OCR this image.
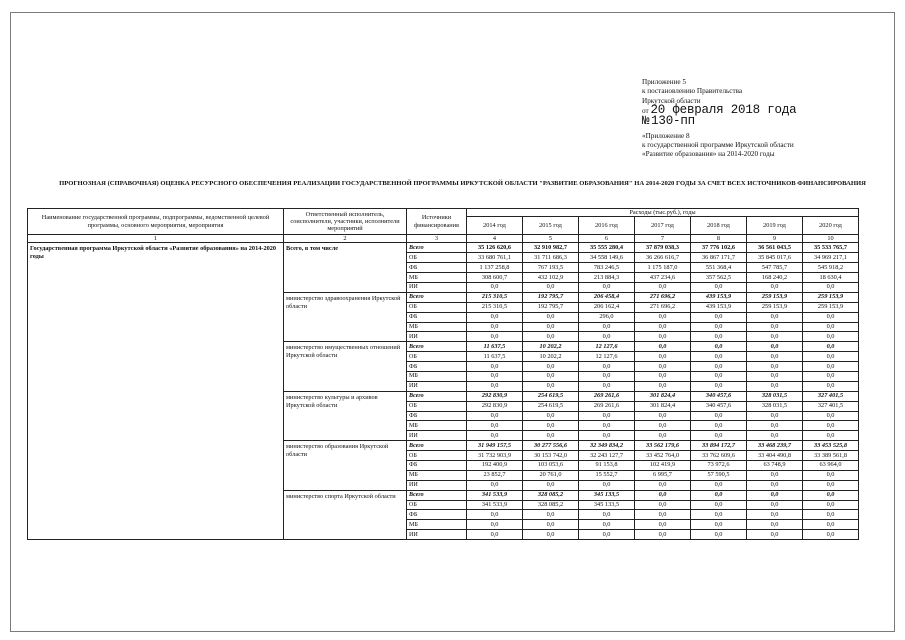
Приложение 5
к постановлению Правительства
Иркутской области
от 20 февраля 2018 года
№ 130-пп
«Приложение 8
к государственной программе Иркутской области
«Развитие образования» на 2014-2020 годы
ПРОГНОЗНАЯ (СПРАВОЧНАЯ) ОЦЕНКА РЕСУРСНОГО ОБЕСПЕЧЕНИЯ РЕАЛИЗАЦИИ ГОСУДАРСТВЕННОЙ ПРОГРАММЫ ИРКУТСКОЙ ОБЛАСТИ "РАЗВИТИЕ ОБРАЗОВАНИЯ" НА 2014-2020 ГОДЫ ЗА СЧЕТ ВСЕХ ИСТОЧНИКОВ ФИНАНСИРОВАНИЯ
Наименование государственной программы, подпрограммы, ведомственной целевой программы, основного мероприятия, мероприятия	Ответственный исполнитель, соисполнители, участники, исполнители мероприятий	Источники финансирования	Расходы (тыс.руб.), годы						
			2014 год	2015 год	2016 год	2017 год	2018 год	2019 год	2020 год
1	2	3	4	5	6	7	8	9	10
Государственная программа Иркутской области «Развитие образования» на 2014-2020 годы	Всего, в том числе	Всего	35 126 620,6	32 910 982,7	35 555 280,4	37 879 038,3	37 776 102,6	36 561 043,5	35 533 765,7
		ОБ	33 680 761,1	31 711 686,3	34 558 149,6	36 266 616,7	36 867 171,7	35 845 017,6	34 969 217,1
		ФБ	1 137 258,8	767 193,5	783 246,5	1 175 187,0	551 368,4	547 785,7	545 918,2
		МБ	308 600,7	432 102,9	213 884,3	437 234,6	357 562,5	168 240,2	18 630,4
		ИИ	0,0	0,0	0,0	0,0	0,0	0,0	0,0
	министерство здравоохранения Иркутской области	Всего	215 310,5	192 795,7	206 458,4	271 696,2	439 153,9	259 153,9	259 153,9
		ОБ	215 310,5	192 795,7	206 162,4	271 696,2	439 153,9	259 153,9	259 153,9
		ФБ	0,0	0,0	296,0	0,0	0,0	0,0	0,0
		МБ	0,0	0,0	0,0	0,0	0,0	0,0	0,0
		ИИ	0,0	0,0	0,0	0,0	0,0	0,0	0,0
	министерство имущественных отношений Иркутской области	Всего	11 637,5	10 202,2	12 127,6	0,0	0,0	0,0	0,0
		ОБ	11 637,5	10 202,2	12 127,6	0,0	0,0	0,0	0,0
		ФБ	0,0	0,0	0,0	0,0	0,0	0,0	0,0
		МБ	0,0	0,0	0,0	0,0	0,0	0,0	0,0
		ИИ	0,0	0,0	0,0	0,0	0,0	0,0	0,0
	министерство культуры и архивов Иркутской области	Всего	292 830,9	254 619,5	269 261,6	301 824,4	340 457,6	328 031,5	327 401,5
		ОБ	292 830,9	254 619,5	269 261,6	301 824,4	340 457,6	328 031,5	327 401,5
		ФБ	0,0	0,0	0,0	0,0	0,0	0,0	0,0
		МБ	0,0	0,0	0,0	0,0	0,0	0,0	0,0
		ИИ	0,0	0,0	0,0	0,0	0,0	0,0	0,0
	министерство образования Иркутской области	Всего	31 949 157,5	30 277 556,6	32 349 834,2	33 562 179,6	33 894 172,7	33 468 239,7	33 453 525,8
		ОБ	31 732 903,9	30 153 742,0	32 243 127,7	33 452 764,0	33 762 609,6	33 404 490,8	33 389 561,8
		ФБ	192 400,9	103 053,6	91 153,8	102 419,9	73 972,6	63 748,9	63 964,0
		МБ	23 852,7	20 761,0	15 552,7	6 995,7	57 590,5	0,0	0,0
		ИИ	0,0	0,0	0,0	0,0	0,0	0,0	0,0
	министерство спорта Иркутской области	Всего	341 533,9	328 085,2	345 133,5	0,0	0,0	0,0	0,0
		ОБ	341 533,9	328 085,2	345 133,5	0,0	0,0	0,0	0,0
		ФБ	0,0	0,0	0,0	0,0	0,0	0,0	0,0
		МБ	0,0	0,0	0,0	0,0	0,0	0,0	0,0
		ИИ	0,0	0,0	0,0	0,0	0,0	0,0	0,0
